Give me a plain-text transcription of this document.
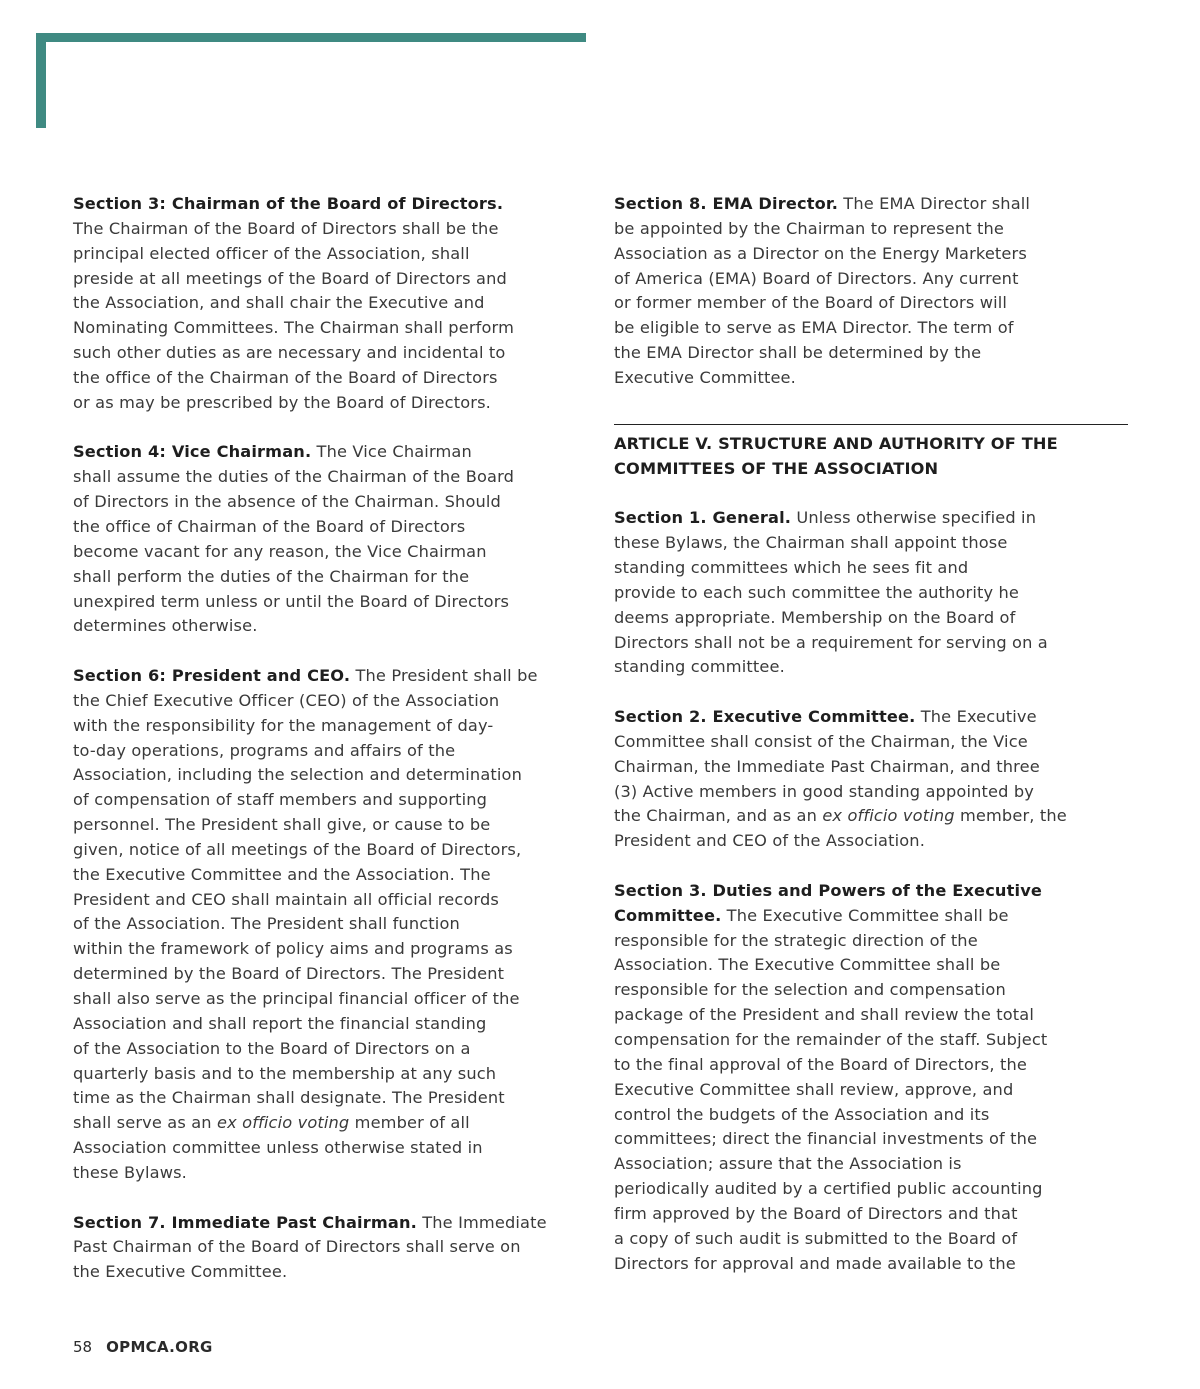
Section 3: Chairman of the Board of Directors.
The Chairman of the Board of Directors shall be the
principal elected officer of the Association, shall
preside at all meetings of the Board of Directors and
the Association, and shall chair the Executive and
Nominating Committees. The Chairman shall perform
such other duties as are necessary and incidental to
the office of the Chairman of the Board of Directors
or as may be prescribed by the Board of Directors.
Section 4: Vice Chairman. The Vice Chairman
shall assume the duties of the Chairman of the Board
of Directors in the absence of the Chairman. Should
the office of Chairman of the Board of Directors
become vacant for any reason, the Vice Chairman
shall perform the duties of the Chairman for the
unexpired term unless or until the Board of Directors
determines otherwise.
Section 6: President and CEO. The President shall be
the Chief Executive Officer (CEO) of the Association
with the responsibility for the management of day-
to-day operations, programs and affairs of the
Association, including the selection and determination
of compensation of staff members and supporting
personnel. The President shall give, or cause to be
given, notice of all meetings of the Board of Directors,
the Executive Committee and the Association. The
President and CEO shall maintain all official records
of the Association. The President shall function
within the framework of policy aims and programs as
determined by the Board of Directors. The President
shall also serve as the principal financial officer of the
Association and shall report the financial standing
of the Association to the Board of Directors on a
quarterly basis and to the membership at any such
time as the Chairman shall designate. The President
shall serve as an ex officio voting member of all
Association committee unless otherwise stated in
these Bylaws.
Section 7. Immediate Past Chairman. The Immediate
Past Chairman of the Board of Directors shall serve on
the Executive Committee.
Section 8. EMA Director. The EMA Director shall
be appointed by the Chairman to represent the
Association as a Director on the Energy Marketers
of America (EMA) Board of Directors. Any current
or former member of the Board of Directors will
be eligible to serve as EMA Director. The term of
the EMA Director shall be determined by the
Executive Committee.
ARTICLE V. STRUCTURE AND AUTHORITY OF THE
COMMITTEES OF THE ASSOCIATION
Section 1. General. Unless otherwise specified in
these Bylaws, the Chairman shall appoint those
standing committees which he sees fit and
provide to each such committee the authority he
deems appropriate. Membership on the Board of
Directors shall not be a requirement for serving on a
standing committee.
Section 2. Executive Committee. The Executive
Committee shall consist of the Chairman, the Vice
Chairman, the Immediate Past Chairman, and three
(3) Active members in good standing appointed by
the Chairman, and as an ex officio voting member, the
President and CEO of the Association.
Section 3. Duties and Powers of the Executive
Committee. The Executive Committee shall be
responsible for the strategic direction of the
Association. The Executive Committee shall be
responsible for the selection and compensation
package of the President and shall review the total
compensation for the remainder of the staff. Subject
to the final approval of the Board of Directors, the
Executive Committee shall review, approve, and
control the budgets of the Association and its
committees; direct the financial investments of the
Association; assure that the Association is
periodically audited by a certified public accounting
firm approved by the Board of Directors and that
a copy of such audit is submitted to the Board of
Directors for approval and made available to the
58 OPMCA.ORG
